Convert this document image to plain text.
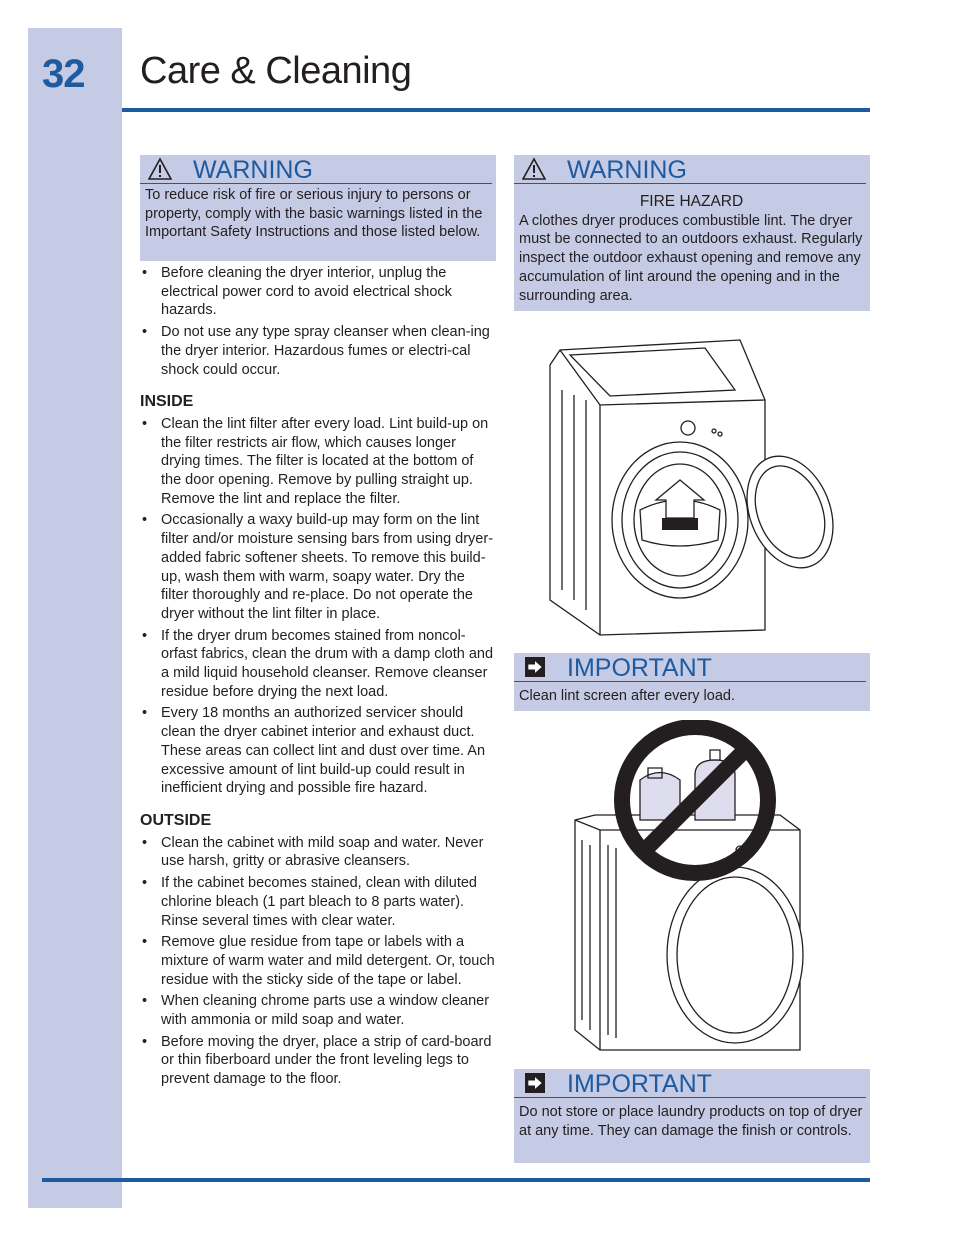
32 Care & Cleaning
WARNING
To reduce risk of fire or serious injury to persons or property, comply with the basic warnings listed in the Important Safety Instructions and those listed below.
• Before cleaning the dryer interior, unplug the electrical power cord to avoid electrical shock hazards.
• Do not use any type spray cleanser when clean-ing the dryer interior. Hazardous fumes or electri-cal shock could occur.
INSIDE
• Clean the lint filter after every load. Lint build-up on the filter restricts air flow, which causes longer drying times. The filter is located at the bottom of the door opening. Remove by pulling straight up. Remove the lint and replace the filter.
• Occasionally a waxy build-up may form on the lint filter and/or moisture sensing bars from using dryer-added fabric softener sheets. To remove this build-up, wash them with warm, soapy water. Dry the filter thoroughly and re-place. Do not operate the dryer without the lint filter in place.
• If the dryer drum becomes stained from noncol-orfast fabrics, clean the drum with a damp cloth and a mild liquid household cleanser. Remove cleanser residue before drying the next load.
• Every 18 months an authorized servicer should clean the dryer cabinet interior and exhaust duct. These areas can collect lint and dust over time. An excessive amount of lint build-up could result in inefficient drying and possible fire hazard.
OUTSIDE
• Clean the cabinet with mild soap and water. Never use harsh, gritty or abrasive cleansers.
• If the cabinet becomes stained, clean with diluted chlorine bleach (1 part bleach to 8 parts water). Rinse several times with clear water.
• Remove glue residue from tape or labels with a mixture of warm water and mild detergent. Or, touch residue with the sticky side of the tape or label.
• When cleaning chrome parts use a window cleaner with ammonia or mild soap and water.
• Before moving the dryer, place a strip of card-board or thin fiberboard under the front leveling legs to prevent damage to the floor.
WARNING
FIRE HAZARD
A clothes dryer produces combustible lint. The dryer must be connected to an outdoors exhaust. Regularly inspect the outdoor exhaust opening and remove any accumulation of lint around the opening and in the surrounding area.
IMPORTANT
Clean lint screen after every load.
IMPORTANT
Do not store or place laundry products on top of dryer at any time. They can damage the finish or controls.
